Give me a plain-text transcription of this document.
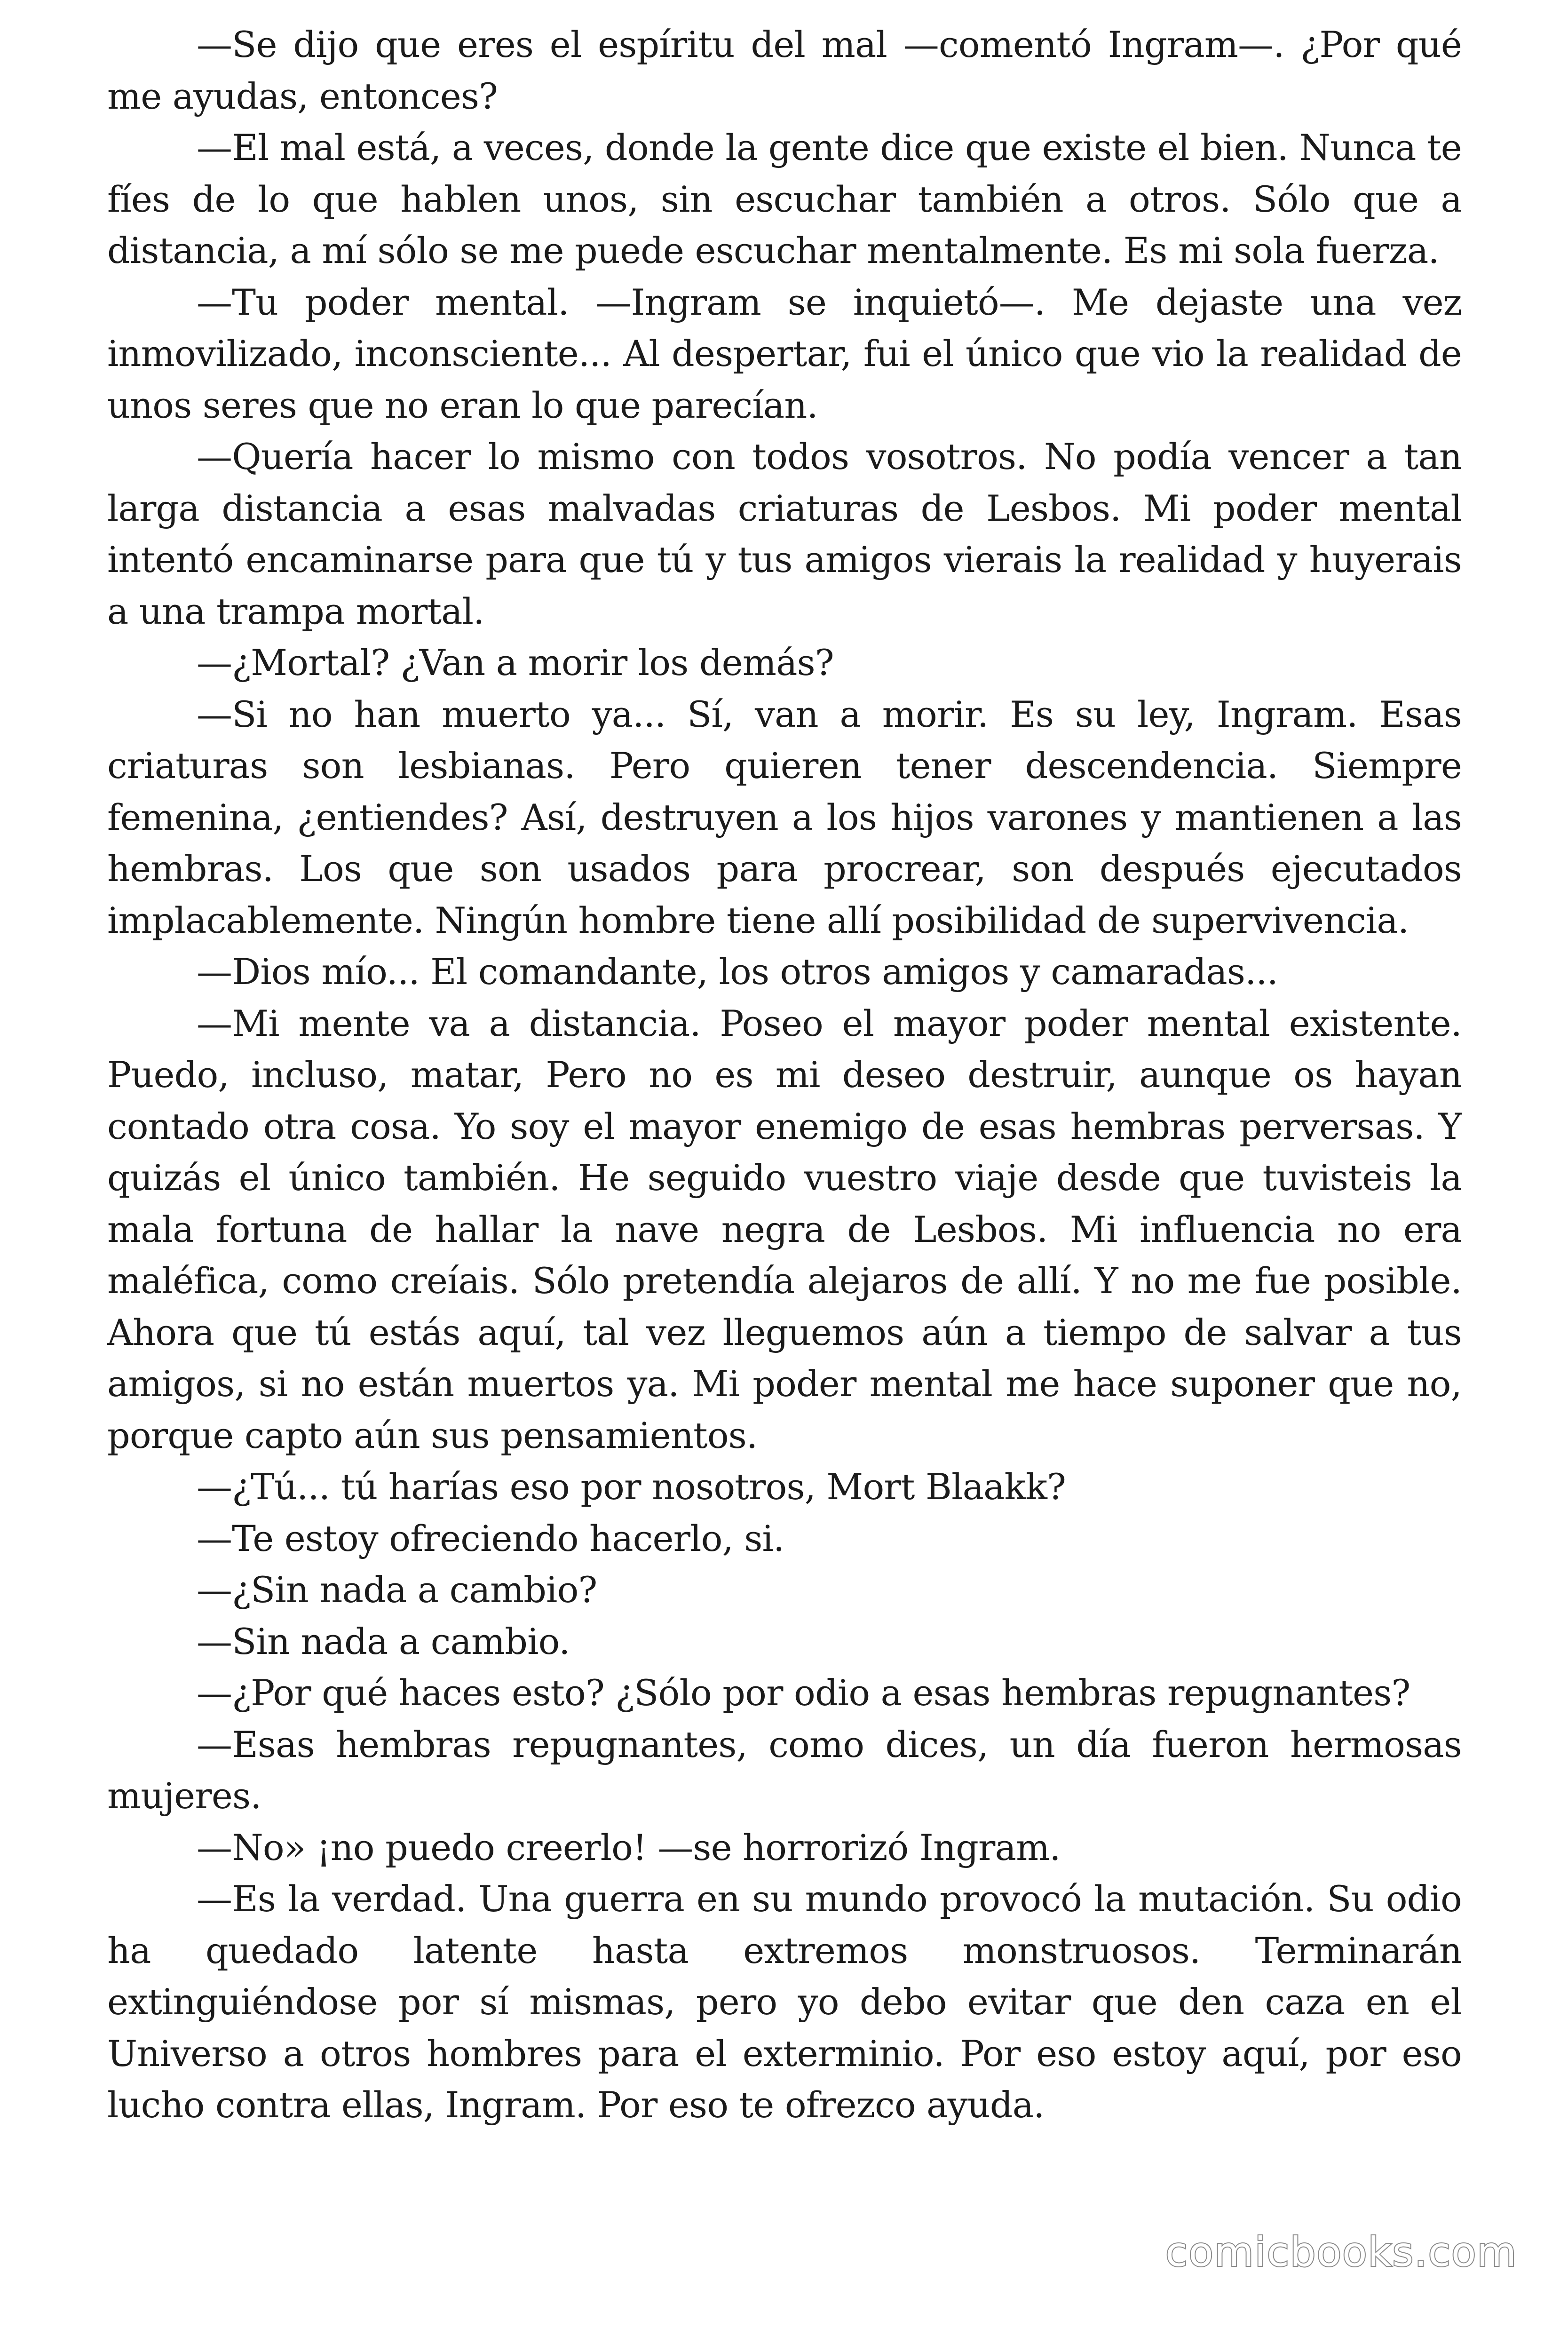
—Se dijo que eres el espíritu del mal —comentó Ingram—. ¿Por qué me ayudas, entonces?

—El mal está, a veces, donde la gente dice que existe el bien. Nunca te fíes de lo que hablen unos, sin escuchar también a otros. Sólo que a distancia, a mí sólo se me puede escuchar mentalmente. Es mi sola fuerza.

—Tu poder mental. —Ingram se inquietó—. Me dejaste una vez inmovilizado, inconsciente... Al despertar, fui el único que vio la realidad de unos seres que no eran lo que parecían.

—Quería hacer lo mismo con todos vosotros. No podía vencer a tan larga distancia a esas malvadas criaturas de Lesbos. Mi poder mental intentó encaminarse para que tú y tus amigos vierais la realidad y huyerais a una trampa mortal.

—¿Mortal? ¿Van a morir los demás?

—Si no han muerto ya... Sí, van a morir. Es su ley, Ingram. Esas criaturas son lesbianas. Pero quieren tener descendencia. Siempre femenina, ¿entiendes? Así, destruyen a los hijos varones y mantienen a las hembras. Los que son usados para procrear, son después ejecutados implacablemente. Ningún hombre tiene allí posibilidad de supervivencia.

—Dios mío... El comandante, los otros amigos y camaradas...

—Mi mente va a distancia. Poseo el mayor poder mental existente. Puedo, incluso, matar, Pero no es mi deseo destruir, aunque os hayan contado otra cosa. Yo soy el mayor enemigo de esas hembras perversas. Y quizás el único también. He seguido vuestro viaje desde que tuvisteis la mala fortuna de hallar la nave negra de Lesbos. Mi influencia no era maléfica, como creíais. Sólo pretendía alejaros de allí. Y no me fue posible. Ahora que tú estás aquí, tal vez lleguemos aún a tiempo de salvar a tus amigos, si no están muertos ya. Mi poder mental me hace suponer que no, porque capto aún sus pensamientos.

—¿Tú... tú harías eso por nosotros, Mort Blaakk?

—Te estoy ofreciendo hacerlo, si.

—¿Sin nada a cambio?

—Sin nada a cambio.

—¿Por qué haces esto? ¿Sólo por odio a esas hembras repugnantes?

—Esas hembras repugnantes, como dices, un día fueron hermosas mujeres.

—No» ¡no puedo creerlo! —se horrorizó Ingram.

—Es la verdad. Una guerra en su mundo provocó la mutación. Su odio ha quedado latente hasta extremos monstruosos. Terminarán extinguiéndose por sí mismas, pero yo debo evitar que den caza en el Universo a otros hombres para el exterminio. Por eso estoy aquí, por eso lucho contra ellas, Ingram. Por eso te ofrezco ayuda.

comicbooks.com
